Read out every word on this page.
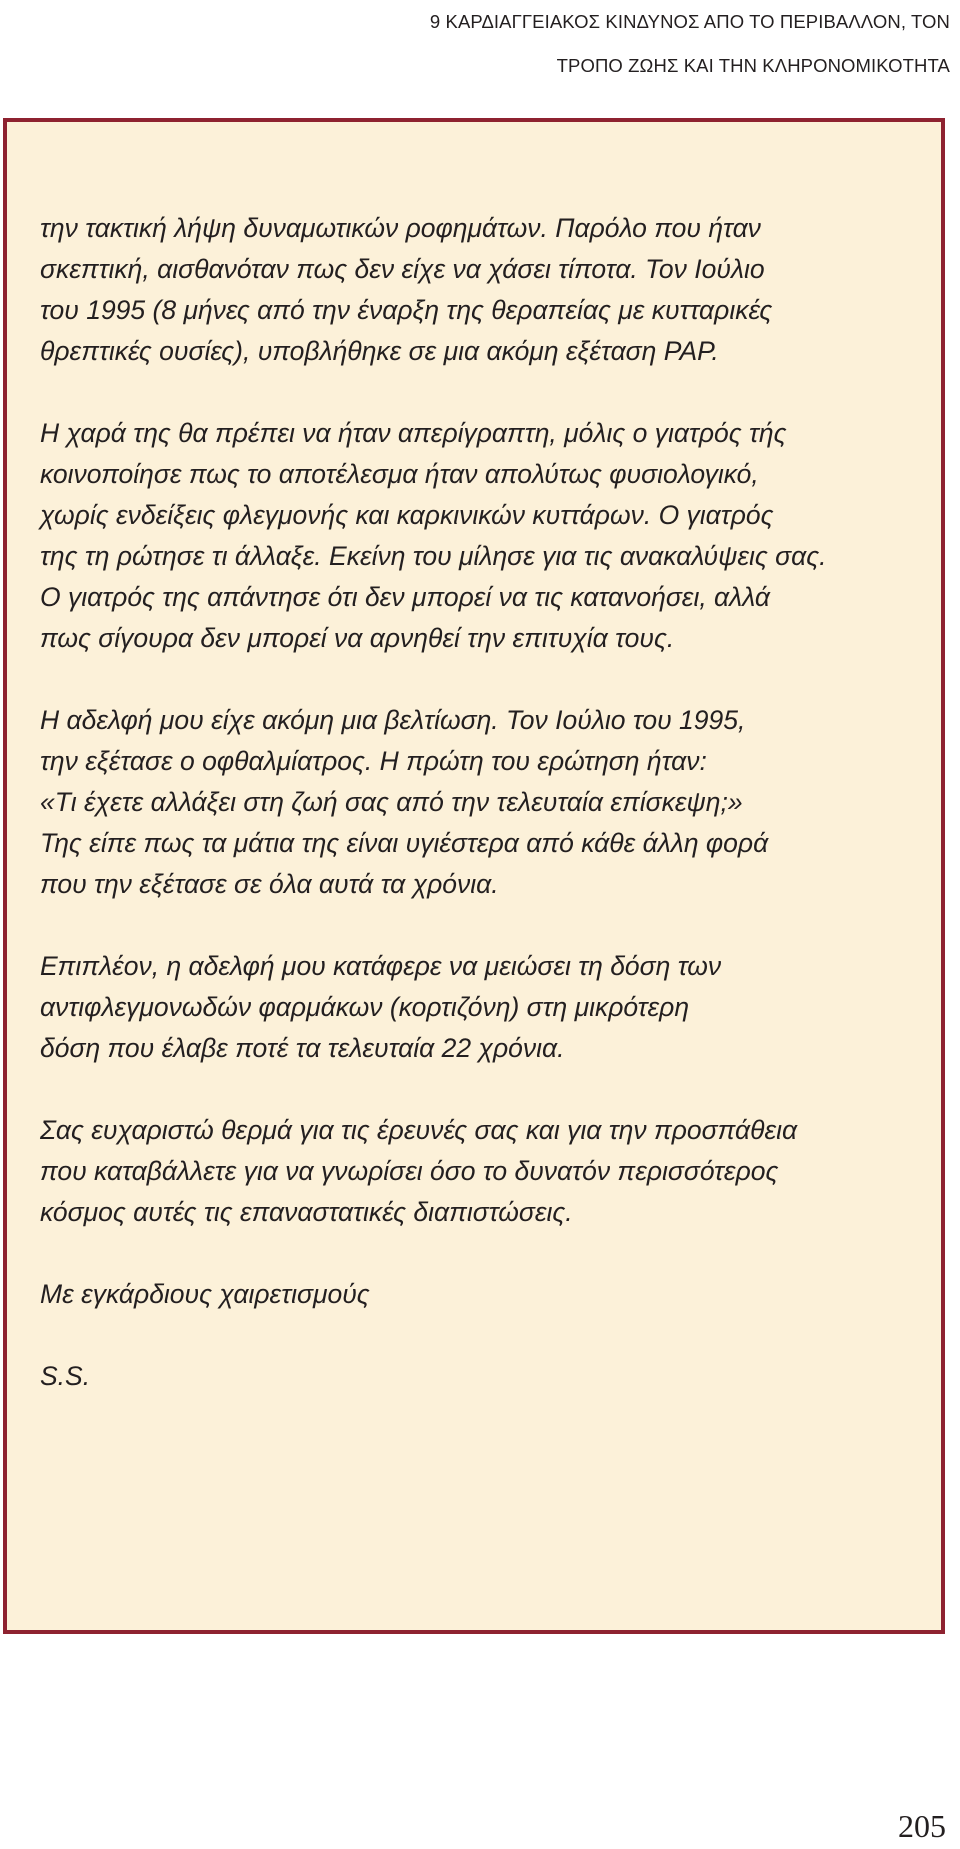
9 ΚΑΡΔΙΑΓΓΕΙΑΚΟΣ ΚΙΝΔΥΝΟΣ ΑΠΟ ΤΟ ΠΕΡΙΒΑΛΛΟΝ, ΤΟΝ
ΤΡΟΠΟ ΖΩΗΣ ΚΑΙ ΤΗΝ ΚΛΗΡΟΝΟΜΙΚΟΤΗΤΑ
την τακτική λήψη δυναμωτικών ροφημάτων. Παρόλο που ήταν
σκεπτική, αισθανόταν πως δεν είχε να χάσει τίποτα. Τον Ιούλιο
του 1995 (8 μήνες από την έναρξη της θεραπείας με κυτταρικές
θρεπτικές ουσίες), υποβλήθηκε σε μια ακόμη εξέταση PAP.
Η χαρά της θα πρέπει να ήταν απερίγραπτη, μόλις ο γιατρός τής
κοινοποίησε πως το αποτέλεσμα ήταν απολύτως φυσιολογικό,
χωρίς ενδείξεις φλεγμονής και καρκινικών κυττάρων. Ο γιατρός
της τη ρώτησε τι άλλαξε. Εκείνη του μίλησε για τις ανακαλύψεις σας.
Ο γιατρός της απάντησε ότι δεν μπορεί να τις κατανοήσει, αλλά
πως σίγουρα δεν μπορεί να αρνηθεί την επιτυχία τους.
Η αδελφή μου είχε ακόμη μια βελτίωση. Τον Ιούλιο του 1995,
την εξέτασε ο οφθαλμίατρος. Η πρώτη του ερώτηση ήταν:
«Τι έχετε αλλάξει στη ζωή σας από την τελευταία επίσκεψη;»
Της είπε πως τα μάτια της είναι υγιέστερα από κάθε άλλη φορά
που την εξέτασε σε όλα αυτά τα χρόνια.
Επιπλέον, η αδελφή μου κατάφερε να μειώσει τη δόση των
αντιφλεγμονωδών φαρμάκων (κορτιζόνη) στη μικρότερη
δόση που έλαβε ποτέ τα τελευταία 22 χρόνια.
Σας ευχαριστώ θερμά για τις έρευνές σας και για την προσπάθεια
που καταβάλλετε για να γνωρίσει όσο το δυνατόν περισσότερος
κόσμος αυτές τις επαναστατικές διαπιστώσεις.
Με εγκάρδιους χαιρετισμούς
S.S.
205
